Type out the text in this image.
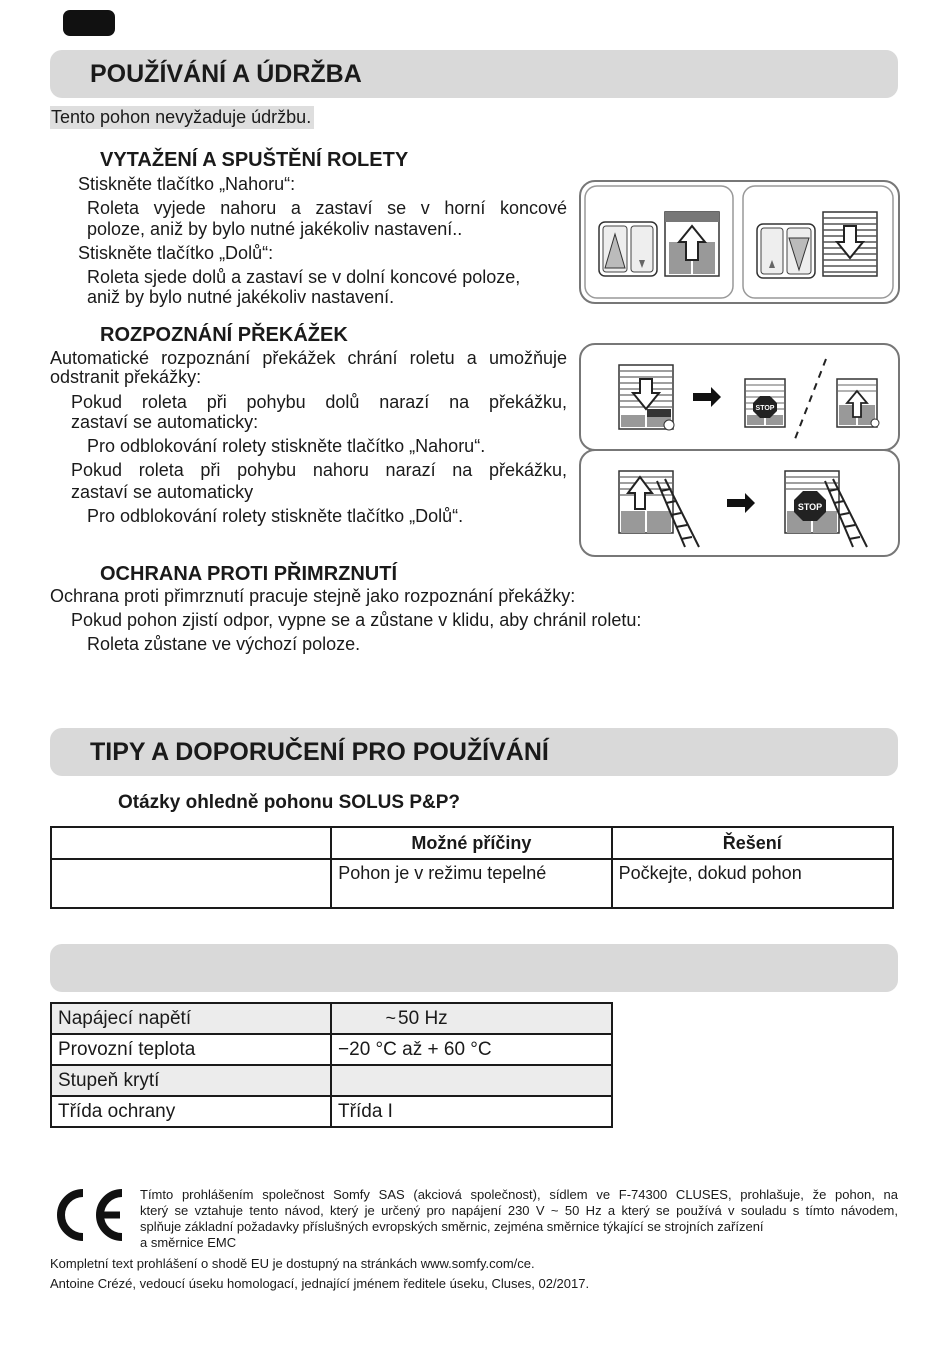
POUŽÍVÁNÍ A ÚDRŽBA
Tento pohon nevyžaduje údržbu.
VYTAŽENÍ A SPUŠTĚNÍ ROLETY
Stiskněte tlačítko „Nahoru“:
Roleta vyjede nahoru a zastaví se v horní koncové
poloze, aniž by bylo nutné jakékoliv nastavení..
Stiskněte tlačítko „Dolů“:
Roleta sjede dolů a zastaví se v dolní koncové poloze,
aniž by bylo nutné jakékoliv nastavení.
ROZPOZNÁNÍ PŘEKÁŽEK
Automatické rozpoznání překážek chrání roletu a umožňuje
odstranit překážky:
Pokud roleta při pohybu dolů narazí na překážku,
zastaví se automaticky:
Pro odblokování rolety stiskněte tlačítko „Nahoru“.
Pokud roleta při pohybu nahoru narazí na překážku,
zastaví se automaticky
Pro odblokování rolety stiskněte tlačítko „Dolů“.
STOP
STOP
OCHRANA PROTI PŘIMRZNUTÍ
Ochrana proti přimrznutí pracuje stejně jako rozpoznání překážky:
Pokud pohon zjistí odpor, vypne se a zůstane v klidu, aby chránil roletu:
Roleta zůstane ve výchozí poloze.
TIPY A DOPORUČENÍ PRO POUŽÍVÁNÍ
Otázky ohledně pohonu SOLUS P&P?
	Možné příčiny	Řešení
	Pohon je v režimu tepelné	Počkejte, dokud pohon
Napájecí napětí	~ 50 Hz
Provozní teplota	−20 °C až + 60 °C
Stupeň krytí	
Třída ochrany	Třída I
Tímto prohlášením společnost Somfy SAS (akciová společnost), sídlem ve F-74300 CLUSES, prohlašuje, že pohon, na
který se vztahuje tento návod, který je určený pro napájení 230 V ~ 50 Hz a který se používá v souladu s tímto návodem,
splňuje základní požadavky příslušných evropských směrnic, zejména směrnice týkající se strojních zařízení
a směrnice EMC
Kompletní text prohlášení o shodě EU je dostupný na stránkách www.somfy.com/ce.
Antoine Crézé, vedoucí úseku homologací, jednající jménem ředitele úseku, Cluses, 02/2017.
